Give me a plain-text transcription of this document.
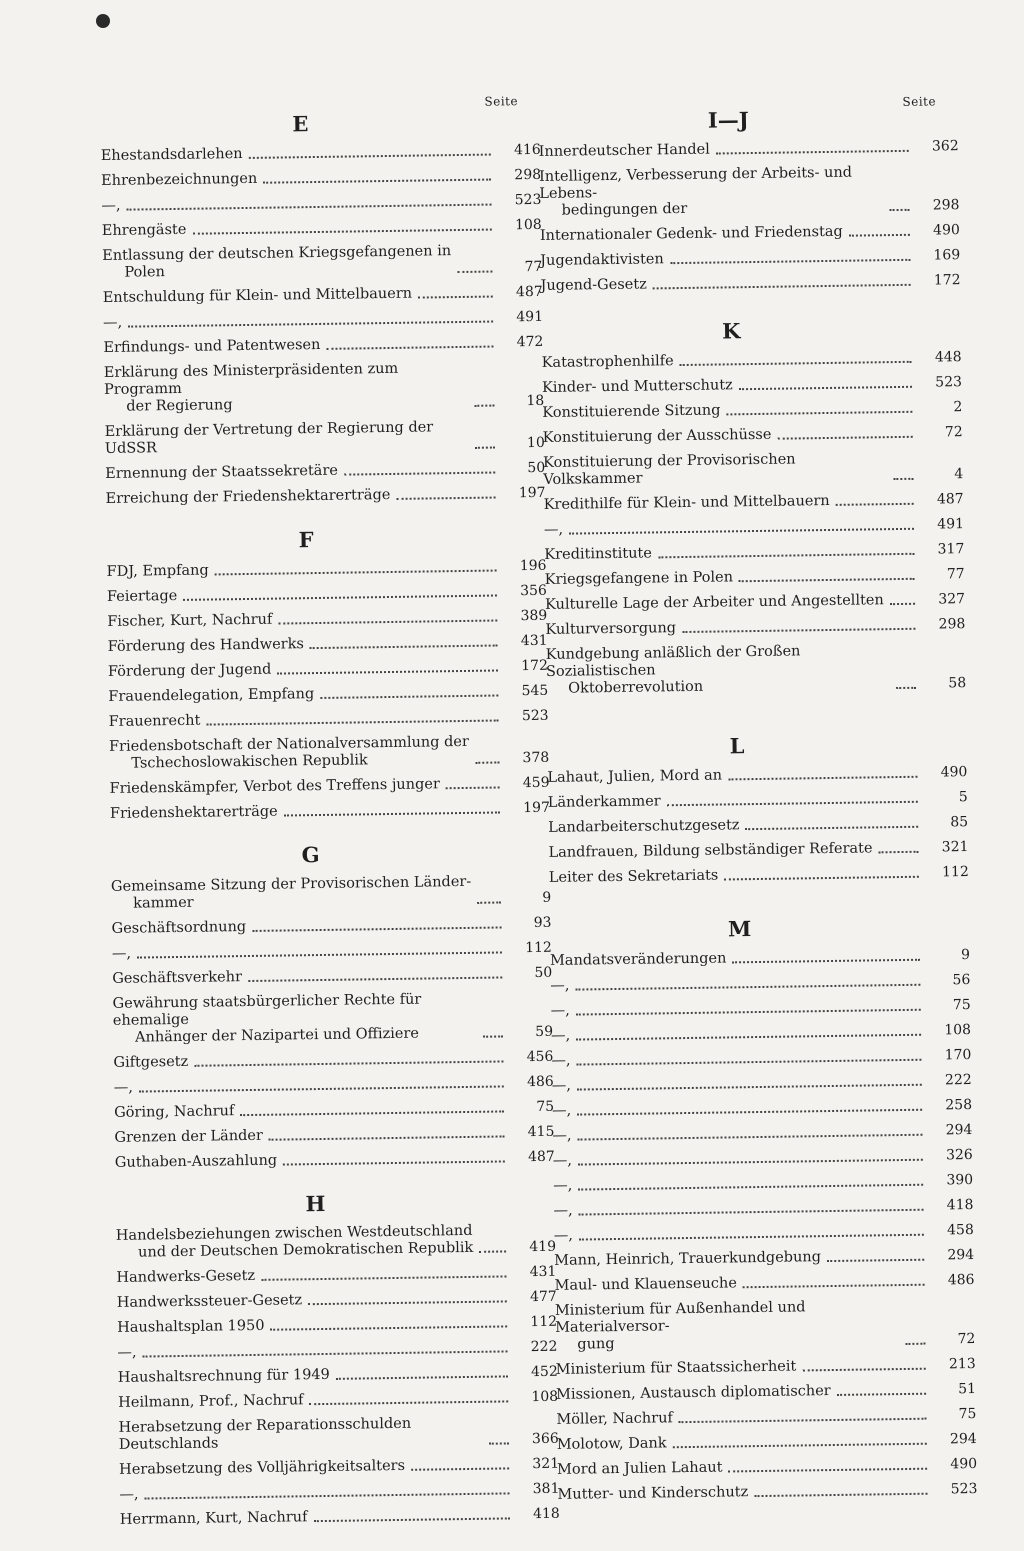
Seite
E
Ehestandsdarlehen	416
Ehrenbezeichnungen	298
—,	523
Ehrengäste	108
Entlassung der deutschen Kriegsgefangenen in
Polen	77
Entschuldung für Klein- und Mittelbauern	487
—,	491
Erfindungs- und Patentwesen	472
Erklärung des Ministerpräsidenten zum Programm
der Regierung	18
Erklärung der Vertretung der Regierung der UdSSR	10
Ernennung der Staatssekretäre	50
Erreichung der Friedenshektarerträge	197
F
FDJ, Empfang	196
Feiertage	356
Fischer, Kurt, Nachruf	389
Förderung des Handwerks	431
Förderung der Jugend	172
Frauendelegation, Empfang	545
Frauenrecht	523
Friedensbotschaft der Nationalversammlung der
Tschechoslowakischen Republik	378
Friedenskämpfer, Verbot des Treffens junger	459
Friedenshektarerträge	197
G
Gemeinsame Sitzung der Provisorischen Länder-
kammer	9
Geschäftsordnung	93
—,	112
Geschäftsverkehr	50
Gewährung staatsbürgerlicher Rechte für ehemalige
Anhänger der Nazipartei und Offiziere	59
Giftgesetz	456
—,	486
Göring, Nachruf	75
Grenzen der Länder	415
Guthaben-Auszahlung	487
H
Handelsbeziehungen zwischen Westdeutschland
und der Deutschen Demokratischen Republik	419
Handwerks-Gesetz	431
Handwerkssteuer-Gesetz	477
Haushaltsplan 1950	112
—,	222
Haushaltsrechnung für 1949	452
Heilmann, Prof., Nachruf	108
Herabsetzung der Reparationsschulden Deutschlands	366
Herabsetzung des Volljährigkeitsalters	321
—,	381
Herrmann, Kurt, Nachruf	418
Seite
I—J
Innerdeutscher Handel	362
Intelligenz, Verbesserung der Arbeits- und Lebens-
bedingungen der	298
Internationaler Gedenk- und Friedenstag	490
Jugendaktivisten	169
Jugend-Gesetz	172
K
Katastrophenhilfe	448
Kinder- und Mutterschutz	523
Konstituierende Sitzung	2
Konstituierung der Ausschüsse	72
Konstituierung der Provisorischen Volkskammer	4
Kredithilfe für Klein- und Mittelbauern	487
—,	491
Kreditinstitute	317
Kriegsgefangene in Polen	77
Kulturelle Lage der Arbeiter und Angestellten	327
Kulturversorgung	298
Kundgebung anläßlich der Großen Sozialistischen
Oktoberrevolution	58
L
Lahaut, Julien, Mord an	490
Länderkammer	5
Landarbeiterschutzgesetz	85
Landfrauen, Bildung selbständiger Referate	321
Leiter des Sekretariats	112
M
Mandatsveränderungen	9
—,	56
—,	75
—,	108
—,	170
—,	222
—,	258
—,	294
—,	326
—,	390
—,	418
—,	458
Mann, Heinrich, Trauerkundgebung	294
Maul- und Klauenseuche	486
Ministerium für Außenhandel und Materialversor-
gung	72
Ministerium für Staatssicherheit	213
Missionen, Austausch diplomatischer	51
Möller, Nachruf	75
Molotow, Dank	294
Mord an Julien Lahaut	490
Mutter- und Kinderschutz	523
